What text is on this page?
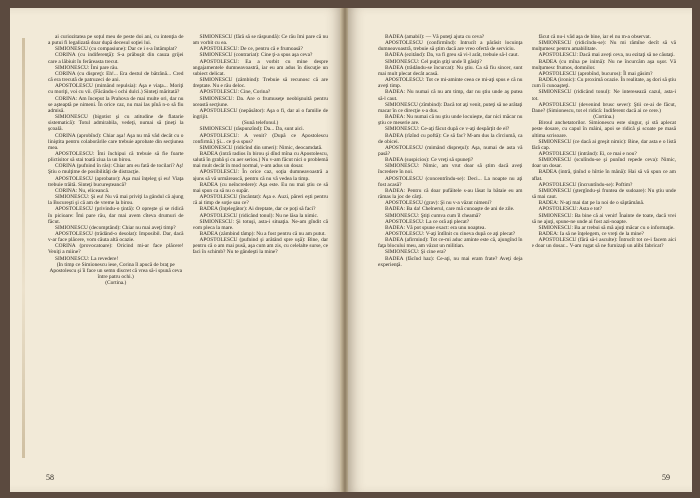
ai curiozitatea pe soţul meu de peste doi ani, cu intenţia de a putui fi legalizată doar după decesul soţiei lui.

SIMIONESCU (cu compasiune): Dar ce i s-a întâmplat?

CORINA (cu indiferenţă): S-a prăbuşit din cauza grijei care a lăbiuit în ferăreasta trecut.

SIMIONESCU: Îmi pare rău.

CORINA (cu dispreţ): Eh!... Era destul de bătrână... Cred că era trecută de patruzeci de ani.

APOSTOLESCU (mimând repulsia): Aşa e viaţa... Moriţi cu moriţi, voi cu vii. (Făcându-i ochi dulci.) Sinteţi măritată?

CORINA: Am început la Prahova de mai multe ori, dar nu se aşteaptă pe nimeni. În orice caz, nu mai las pînă n-o să fiu admisă.

SIMIONESCU (bigotist şi cu atitudine de flatarie sistematică): Totul admirabila, vedeţi, numai să ţineţi la şcoală.

CORINA (aprobînd): Chiar aşa! Aşa nu mă văd decât cu o liniştita pentru colaborările care trebuie aprobate din secţiunea mea.

APOSTOLESCU: Îmi închipui că trebuie să fie foarte plictisitor să stai toată ziua la un birou.

CORINA (pufnind în râs): Chiar am eu fată de tocilari? Aş! Ştiu o mulţime de posibilităţi de distracţie.

APOSTOLESCU (aprobator): Aşa mai înţeleg şi eu! Viaţa trebuie trăită. Sinteţi bucureşteancă?

CORINA: Nu, eliceancă.

SIMIONESCU: Şi eu! Nu vă mai priviţi la gândul că ajung la Bucureşti şi că am de vreme la birou.

APOSTOLESCU (privindu-o ţintă): O opreşte şi se ridică în picioare: Îmi pare rău, dar mai avem cîteva drumuri de făcut.

SIMIONESCU (decomptând): Chiar nu mai aveţi timp?

APOSTOLESCU (trădând-o desolat): Imposibil. Dar, dacă v-ar face plăcere, vom căuta altă ocazie.

CORINA (provocatoare): Oricind mi-ar face plăcere! Veniţi a miine?

SIMIONESCU: La revedere!

(In timp ce Simionescu iese, Corina îl apucă de braţ pe Apostolescu şi îi face un semn discret că vrea să-i spună ceva între patru ochi.)

(Cortina.)

SIMIONESCU (fără să se răspundă): Ce rău îmi pare că nu am vorbit cu ea.

APOSTOLESCU: De ce, pentru că e frumoasă?

SIMIONESCU (contrariat): Cine ţi-a spus aşa ceva?

APOSTOLESCU: Ea a vorbit cu mine despre angajamentele dumneavoastră, iar eu am adus în discuţie un subiect delicat.

SIMIONESCU (zâmbind): Trebuie să recunosc că are dreptate. Nu e rău deloc.

APOSTOLESCU: Cine, Corina?

SIMIONESCU: Da. Are o frumuseţe neobişnuită pentru această secţiune.

APOSTOLESCU (nepăsător): Aşa o fi, dar ai o familie de îngrijit.

(Sună telefonul.)

SIMIONESCU (răspunzînd): Da... Da, sunt aici.

APOSTOLESCU: A venit? (După ce Apostolescu confirmă.) Şi... ce ţi-a spus?

SIMIONESCU (ridicînd din umeri): Nimic, deocamdată.

BADEA (intră radios în birou şi dînd mîna cu Apostolescu, salută în grabă şi cu aer serios.) Nu v-am făcut nici o problemă mai mult decât în mod normal, v-am adus un dosar.

APOSTOLESCU: În orice caz, soţia dumneavoastră a ajuns să vă urmărească, pentru că nu vă vedea la timp.

BADEA (cu neîncredere): Aşa este. Eu nu mai ştiu ce să mai spun ca să nu o supăr.

APOSTOLESCU (încântat): Aşa e. Auzi, păreri eşti pentru că ai timp de soţie sau ce?

BADEA (înţelegător): Ai dreptate, dar ce poţi să faci?

APOSTOLESCU (ridicând tonul): Nu ne lăsa la nimic.

SIMIONESCU: Şi totuşi, asta-i situaţia. Ne-am gîndit că vom pleca la mare.

BADEA (zâmbind tâmp): Nu a fost pentru că nu am putut.

APOSTOLESCU (pufnind şi arătând spre uşă): Bine, dar pentru că o am mai pusă, aşa cum am zis, cu celelalte surse, ce faci în schimb? Nu te gândeşti la mine?

58

BADEA (amabil): — Vă puteţi ajuta cu ceva?

APOSTOLESCU (confirmînd): Intrucît a părăsit locuinţa dumneavoastră, trebuie să ştim dacă are vreo ofertă de serviciu.

BADEA (ezitând): Da, va fi greu să vi-l arăt, trebuie să-l caut.

SIMIONESCU: Cel puţin ştiţi unde îl găsiţi?

BADEA (trădându-se încurcat): Nu ştiu. Ca să fiu sincer, sunt mai mult plecat decât acasă.

APOSTOLESCU: Tot ce mi-aminte ceea ce mi-aţi spus e că nu aveţi timp.

BADEA: Nu numai că nu am timp, dar nu ştiu unde aş putea să-l caut.

SIMIONESCU (zîmbind): Dacă tot aţi venit, puteţi să ne arătaţi macar în ce direcţie s-a dus.

BADEA: Nu numai că nu ştiu unde locuieşte, dar nici măcar nu ştiu ce meserie are.

SIMIONESCU: Ce-aţi făcut după ce v-aţi despărţit de el?

BADEA (rîzînd cu poftă): Ce să fac? M-am dus la cîrciumă, ca de obicei.

APOSTOLESCU (mimând dispreţul): Aşa, numai de asta vă pasă?

BADEA (suspicios): Ce vreţi să spuneţi?

SIMIONESCU: Nimic, am vrut doar să ştim dacă aveţi încredere în noi.

APOSTOLESCU (concentrîndu-se): Deci... La noapte nu aţi fost acasă?

BADEA: Pentru că doar pufăitele s-au lăsat la bătaie eu am rămas la joc de cărţi.

APOSTOLESCU (grav): Şi nu v-a văzut nimeni?

BADEA: Ba da! Chelnerul, care mă cunoaşte de ani de zile.

SIMIONESCU: Ştiţi cumva cum îl cheamă?

APOSTOLESCU: La ce oră aţi plecat?

BADEA: Vă pot spune exact: era unu noaptea.

APOSTOLESCU: V-aţi întîlnit cu cineva după ce aţi plecat?

BADEA (afirmind): Tot ce-mi aduc aminte este că, ajungînd în faţa blocului meu, am văzut un militian.

SIMIONESCU: Şi cine era?

BADEA (făcînd haz): Ce-aţi, nu mai eram frate? Aveţi deja experienţă.

făcut că nu-i văd aşa de bine, iar el nu m-a observat.

SIMIONESCU (ridicîndu-se): Nu mi rămîne decît să vă mulţumesc pentru amabilitate.

APOSTOLESCU: Dacă mai aveţi ceva, nu ezitaţi să ne căutaţi.

BADEA (cu mîna pe inimă): Nu ne încurcăm aşa uşor. Vă mulţumesc frumos, domnilor.

APOSTOLESCU (aprobînd, bucuros): Îl mai găsim?

BADEA (ironic): Cu proximă ocazie. În realitate, aş dori să ştiu cum îi cunoaşteţi.

SIMIONESCU (ridicând tonul): Ne interesează cazul, asta-i tot.

APOSTOLESCU (devenind brusc sever): Ştii ce-ai de făcut, Dane? (Simionescu, tot el ridică: Indiferent dacă ai ce cere.)

(Cortina.)

Biroul anchetatorilor. Simionescu este singur, şi stă aplecat peste dosare, cu capul în mâini, apoi se ridică şi scoate pe masă ultima scrisoare.

SIMIONESCU (ce dacă ai greşit nimic): Bine, dar asta e o listă fără cap.

APOSTOLESCU (intrând): Ei, ce mai e nou?

SIMIONESCU (sculîndu-se şi punînd repede ceva): Nimic, doar un dosar.

BADEA (intră, ţinînd o hîrtie în mână): Hai să vă spun ce am aflat.

APOSTOLESCU (încruntîndu-se): Poftim?

SIMIONESCU (ştergîndu-şi fruntea de sudoare): Nu ştiu unde să mai caut.

BADEA: N-aţi mai dat pe la noi de o săptămână.

APOSTOLESCU: Asta e tot?

SIMIONESCU: Ba bine că ai venit! Înainte de toate, dacă vrei să ne ajuţi, spune-ne unde ai fost azi-noapte.

SIMIONESCU: Ba ar trebui să mă ajuţi măcar cu o informaţie.

BADEA: Ia să ne înţelegem, ce vreţi de la mine?

APOSTOLESCU (fără să-l asculte): Întrucît tot ce-i facem aici e doar un dosar... V-am rugat să ne furnizaţi un alibi fabricat?

59
